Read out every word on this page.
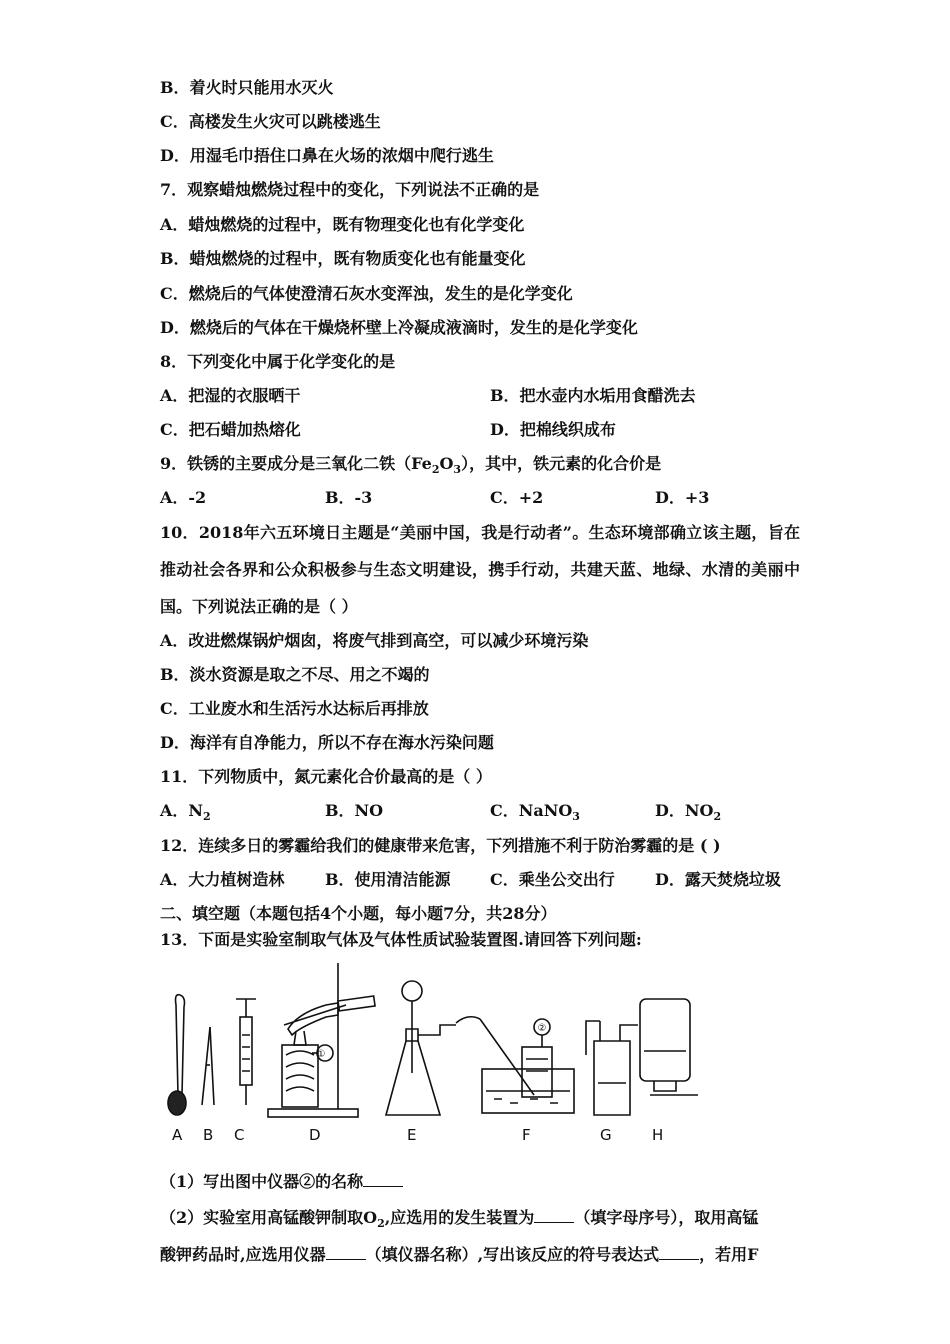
B．着火时只能用水灭火
C．高楼发生火灾可以跳楼逃生
D．用湿毛巾捂住口鼻在火场的浓烟中爬行逃生
7．观察蜡烛燃烧过程中的变化，下列说法不正确的是
A．蜡烛燃烧的过程中，既有物理变化也有化学变化
B．蜡烛燃烧的过程中，既有物质变化也有能量变化
C．燃烧后的气体使澄清石灰水变浑浊，发生的是化学变化
D．燃烧后的气体在干燥烧杯壁上冷凝成液滴时，发生的是化学变化
8．下列变化中属于化学变化的是
A．把湿的衣服晒干	B．把水壶内水垢用食醋洗去
C．把石蜡加热熔化	D．把棉线织成布
9．铁锈的主要成分是三氧化二铁$(Fe_2O_3)$，其中，铁元素的化合价是
A．-2	B．-3	C．+2	D．+3
10．2018年六五环境日主题是“美丽中国，我是行动者”。生态环境部确立该主题，旨在推动社会各界和公众积极参与生态文明建设，携手行动，共建天蓝、地绿、水清的美丽中国。下列说法正确的是（ ）
A．改进燃煤锅炉烟囱，将废气排到高空，可以减少环境污染
B．淡水资源是取之不尽、用之不竭的
C．工业废水和生活污水达标后再排放
D．海洋有自净能力，所以不存在海水污染问题
11．下列物质中，氮元素化合价最高的是（ ）
A．$N_2$	B．NO	C．NaNO$_3$	D．$NO_2$
12．连续多日的雾霾给我们的健康带来危害，下列措施不利于防治雾霾的是 ( )
A．大力植树造林	B．使用清洁能源 C．乘坐公交出行	D．露天焚烧垃圾
二、填空题（本题包括4个小题，每小题7分，共28分）
13．下面是实验室制取气体及气体性质试验装置图.请回答下列问题:
①
②
A B C	D	E	F	G	H
（1）写出图中仪器②的名称
（2）实验室用高锰酸钾制取$O_2$,应选用的发生装置为	（填字母序号），取用高锰
酸钾药品时,应选用仪器	（填仪器名称）,写出该反应的符号表达式	，若用F
